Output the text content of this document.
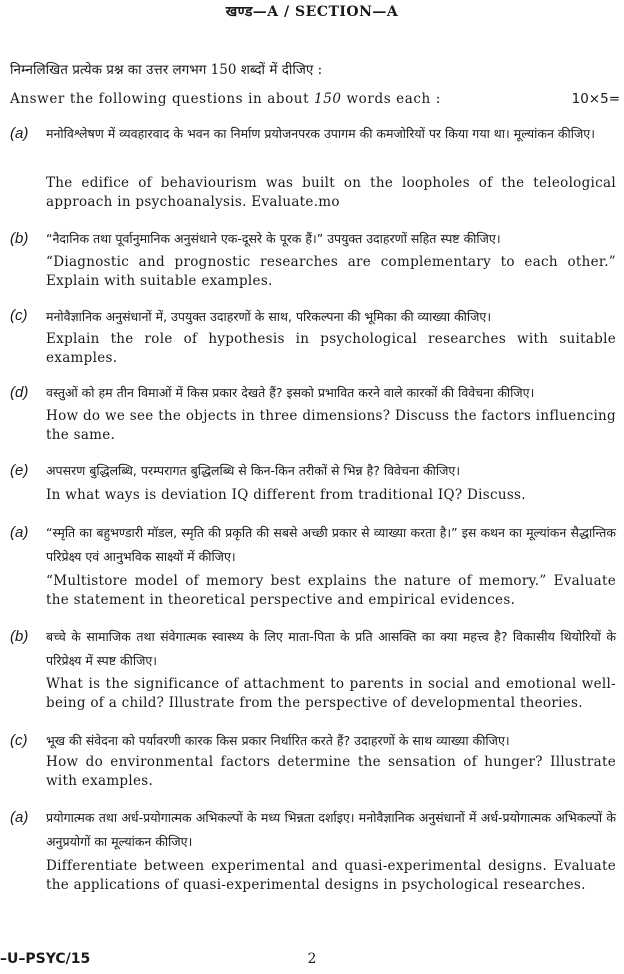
खण्ड—A / SECTION—A
निम्नलिखित प्रत्येक प्रश्न का उत्तर लगभग 150 शब्दों में दीजिए :
Answer the following questions in about 150 words each :	10×5=
(a) मनोविश्लेषण में व्यवहारवाद के भवन का निर्माण प्रयोजनपरक उपागम की कमजोरियों पर किया गया था। मूल्यांकन कीजिए।
The edifice of behaviourism was built on the loopholes of the teleological approach in psychoanalysis. Evaluate.mo
(b) “नैदानिक तथा पूर्वानुमानिक अनुसंधाने एक-दूसरे के पूरक हैं।” उपयुक्त उदाहरणों सहित स्पष्ट कीजिए।
“Diagnostic and prognostic researches are complementary to each other.” Explain with suitable examples.
(c) मनोवैज्ञानिक अनुसंधानों में, उपयुक्त उदाहरणों के साथ, परिकल्पना की भूमिका की व्याख्या कीजिए।
Explain the role of hypothesis in psychological researches with suitable examples.
(d) वस्तुओं को हम तीन विमाओं में किस प्रकार देखते हैं? इसको प्रभावित करने वाले कारकों की विवेचना कीजिए।
How do we see the objects in three dimensions? Discuss the factors influencing the same.
(e) अपसरण बुद्धिलब्धि, परम्परागत बुद्धिलब्धि से किन-किन तरीकों से भिन्न है? विवेचना कीजिए।
In what ways is deviation IQ different from traditional IQ? Discuss.
(a) “स्मृति का बहुभण्डारी मॉडल, स्मृति की प्रकृति की सबसे अच्छी प्रकार से व्याख्या करता है।” इस कथन का मूल्यांकन सैद्धान्तिक परिप्रेक्ष्य एवं आनुभविक साक्ष्यों में कीजिए।
“Multistore model of memory best explains the nature of memory.” Evaluate the statement in theoretical perspective and empirical evidences.
(b) बच्चे के सामाजिक तथा संवेगात्मक स्वास्थ्य के लिए माता-पिता के प्रति आसक्ति का क्या महत्त्व है? विकासीय थियोरियों के परिप्रेक्ष्य में स्पष्ट कीजिए।
What is the significance of attachment to parents in social and emotional well-being of a child? Illustrate from the perspective of developmental theories.
(c) भूख की संवेदना को पर्यावरणी कारक किस प्रकार निर्धारित करते हैं? उदाहरणों के साथ व्याख्या कीजिए।
How do environmental factors determine the sensation of hunger? Illustrate with examples.
(a) प्रयोगात्मक तथा अर्ध-प्रयोगात्मक अभिकल्पों के मध्य भिन्नता दर्शाइए। मनोवैज्ञानिक अनुसंधानों में अर्ध-प्रयोगात्मक अभिकल्पों के अनुप्रयोगों का मूल्यांकन कीजिए।
Differentiate between experimental and quasi-experimental designs. Evaluate the applications of quasi-experimental designs in psychological researches.
–U–PSYC/15	2
